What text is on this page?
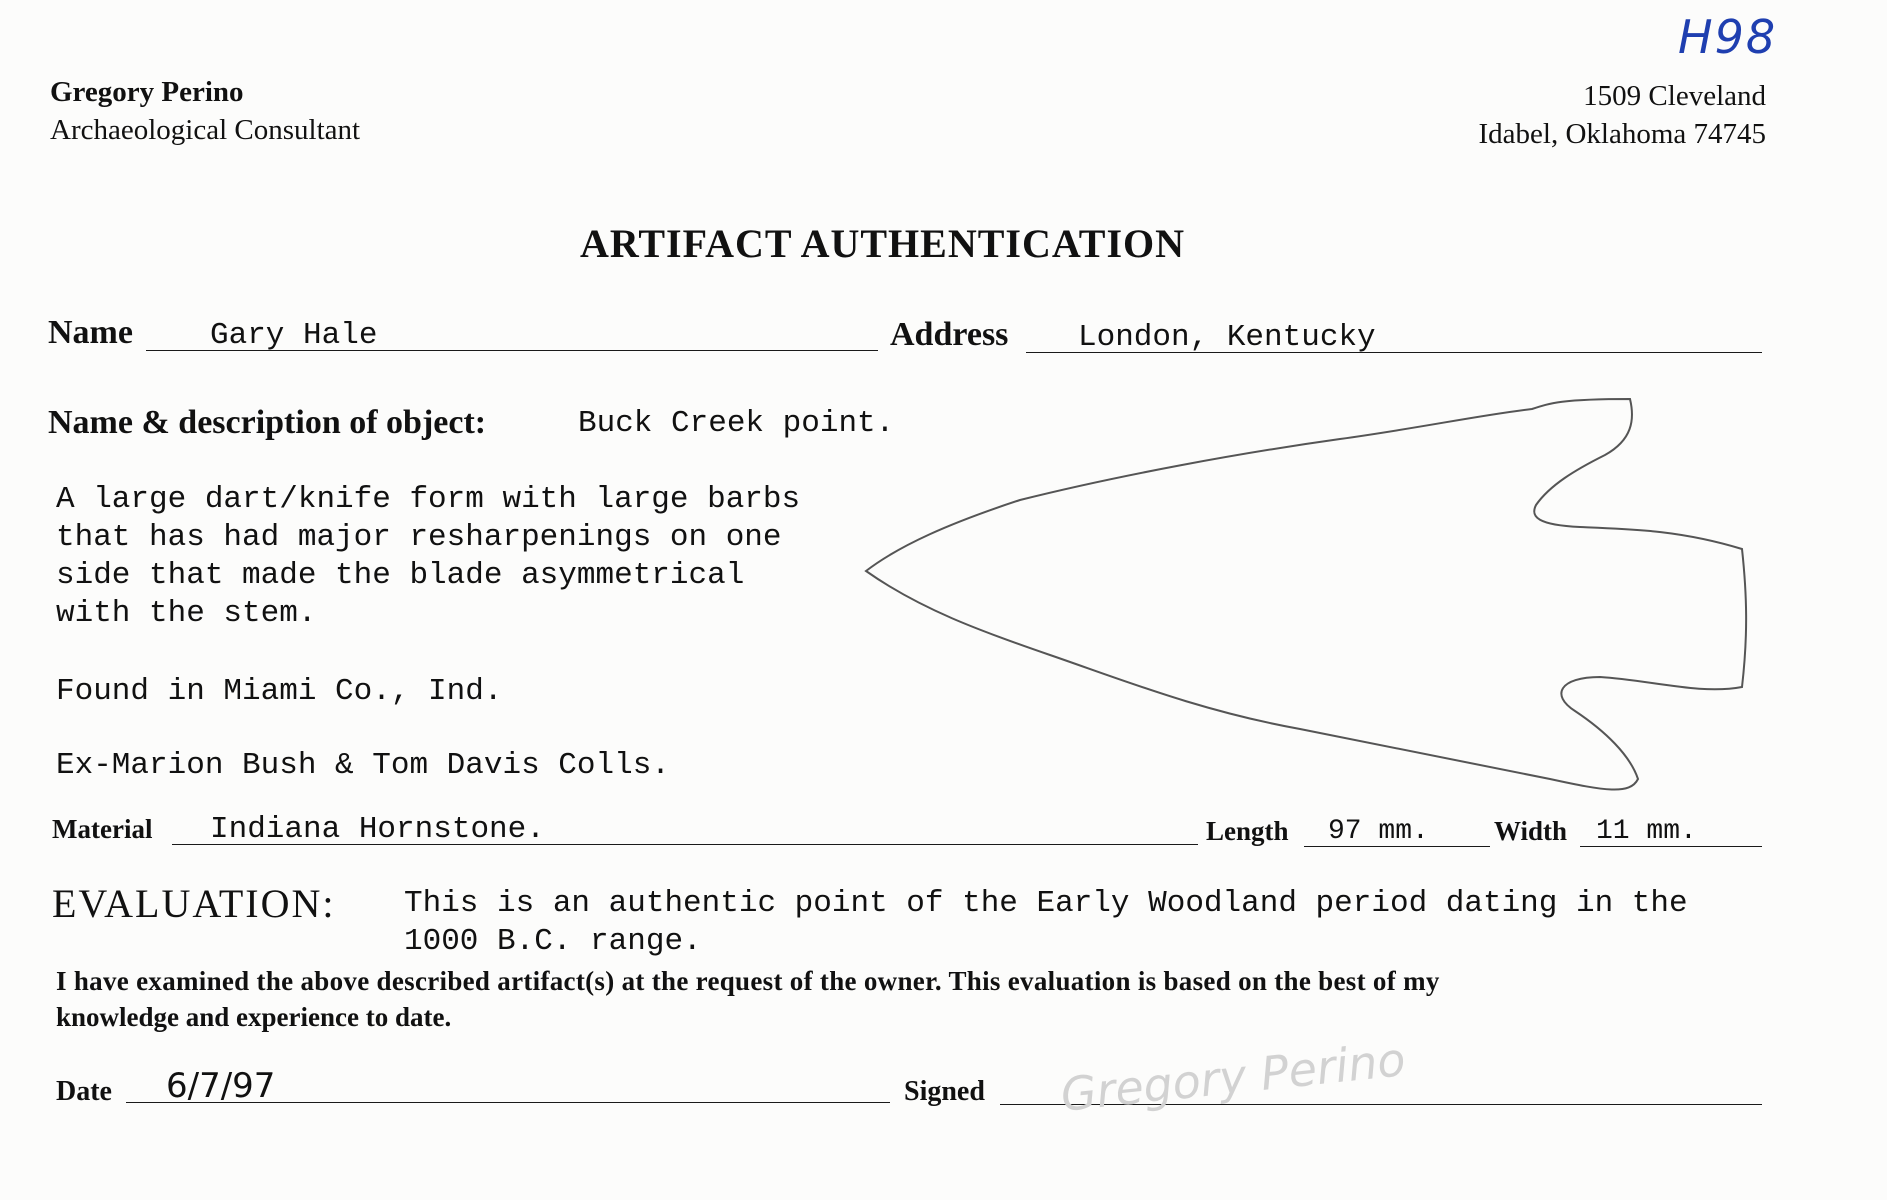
H98
Gregory Perino
Archaeological Consultant
1509 Cleveland
Idabel, Oklahoma 74745
ARTIFACT AUTHENTICATION
Name Gary Hale	Address London, Kentucky
Name & description of object:	Buck Creek point.
A large dart/knife form with large barbs
that has had major resharpenings on one
side that made the blade asymmetrical
with the stem.
Found in Miami Co., Ind.
Ex-Marion Bush & Tom Davis Colls.
Material Indiana Hornstone.	Length 97 mm. Width 11 mm.
EVALUATION: This is an authentic point of the Early Woodland period dating in the
1000 B.C. range.
I have examined the above described artifact(s) at the request of the owner. This evaluation is based on the best of my
knowledge and experience to date.
Date 6/7/97	Signed Gregory Perino
